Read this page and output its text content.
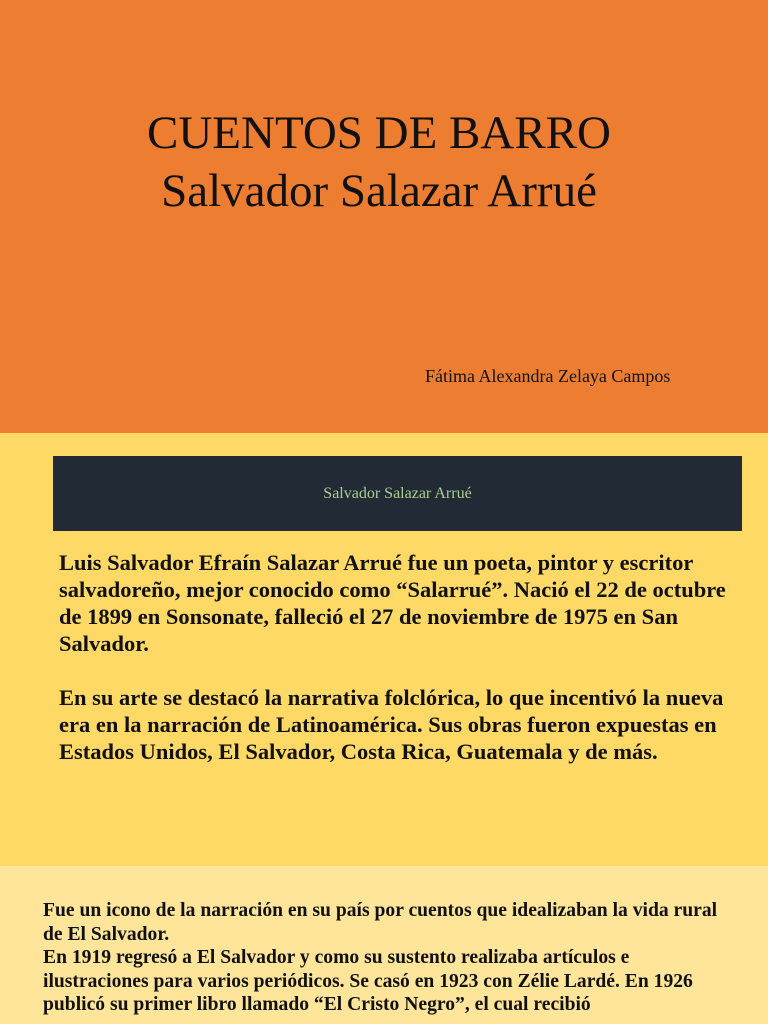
CUENTOS DE BARRO
Salvador Salazar Arrué
Fátima Alexandra Zelaya Campos
Salvador Salazar Arrué

Luis Salvador Efraín Salazar Arrué fue un poeta, pintor y escritor salvadoreño, mejor conocido como “Salarrué”. Nació el 22 de octubre de 1899 en Sonsonate, falleció el 27 de noviembre de 1975 en San Salvador.

En su arte se destacó la narrativa folclórica, lo que incentivó la nueva era en la narración de Latinoamérica. Sus obras fueron expuestas en Estados Unidos, El Salvador, Costa Rica, Guatemala y de más.

Fue un icono de la narración en su país por cuentos que idealizaban la vida rural de El Salvador.
En 1919 regresó a El Salvador y como su sustento realizaba artículos e ilustraciones para varios periódicos. Se casó en 1923 con Zélie Lardé. En 1926 publicó su primer libro llamado “El Cristo Negro”, el cual recibió
